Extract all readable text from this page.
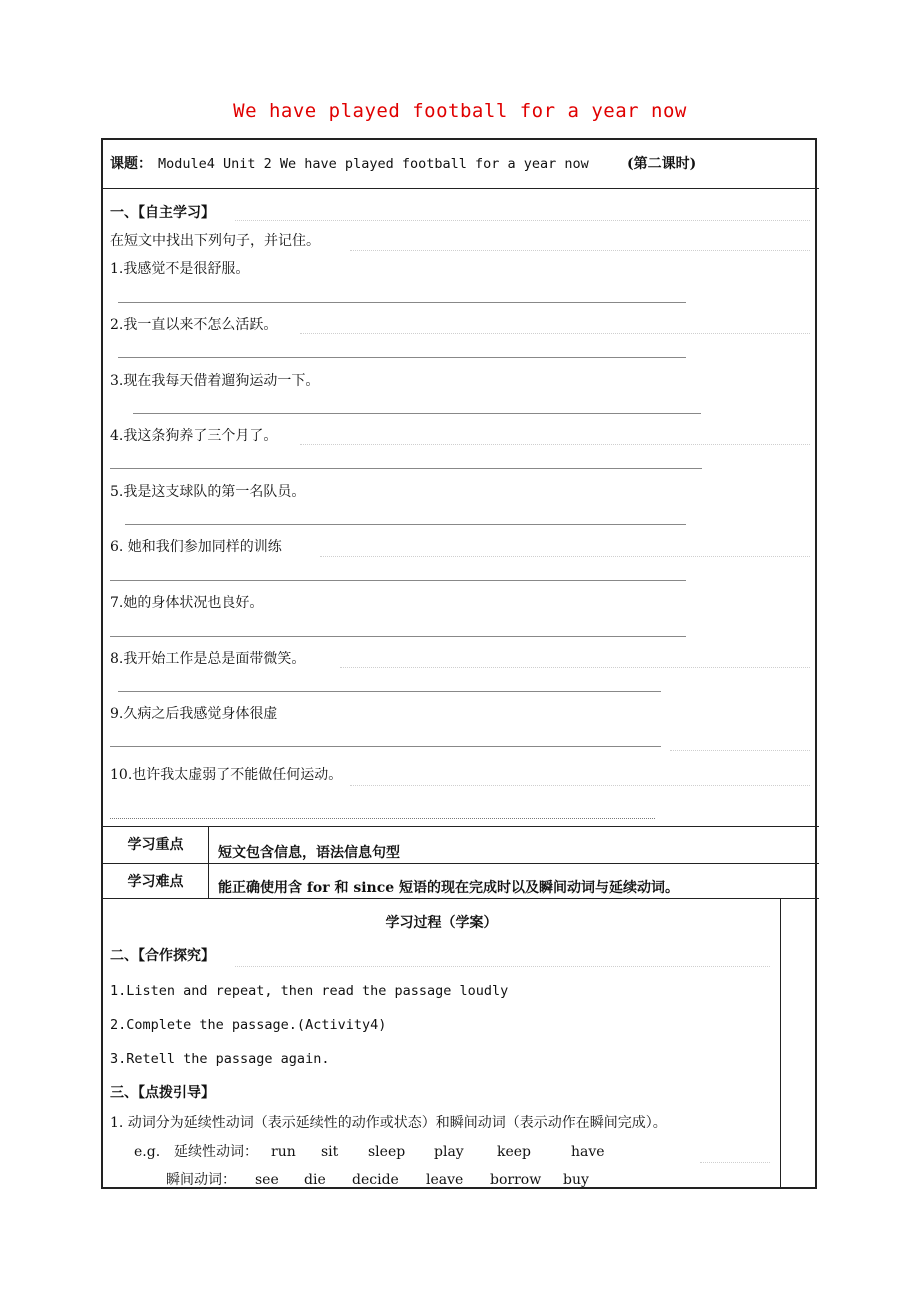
We have played football for a year now
课题： Module4 Unit 2 We have played football for a year now	(第二课时)
一、【自主学习】
在短文中找出下列句子，并记住。
1.我感觉不是很舒服。
2.我一直以来不怎么活跃。
3.现在我每天借着遛狗运动一下。
4.我这条狗养了三个月了。
5.我是这支球队的第一名队员。
6. 她和我们参加同样的训练
7.她的身体状况也良好。
8.我开始工作是总是面带微笑。
9.久病之后我感觉身体很虚
10.也许我太虚弱了不能做任何运动。
学习重点	短文包含信息，语法信息句型
学习难点	能正确使用含 for 和 since 短语的现在完成时以及瞬间动词与延续动词。
学习过程（学案）
二、【合作探究】
1.Listen and repeat, then read the passage loudly
2.Complete the passage.(Activity4)
3.Retell the passage again.
三、【点拨引导】
1. 动词分为延续性动词（表示延续性的动作或状态）和瞬间动词（表示动作在瞬间完成）。
e.g. 延续性动词： run sit sleep play keep	have
瞬间动词： see die decide leave borrow buy
